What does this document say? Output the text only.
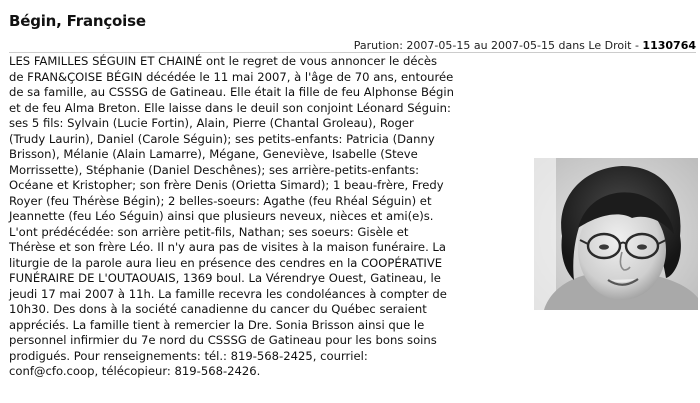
Bégin, Françoise
Parution: 2007-05-15 au 2007-05-15 dans Le Droit - 1130764
LES FAMILLES SÉGUIN ET CHAINÉ ont le regret de vous annoncer le décès
de FRAN&ÇOISE BÉGIN décédée le 11 mai 2007, à l'âge de 70 ans, entourée
de sa famille, au CSSSG de Gatineau. Elle était la fille de feu Alphonse Bégin
et de feu Alma Breton. Elle laisse dans le deuil son conjoint Léonard Séguin:
ses 5 fils: Sylvain (Lucie Fortin), Alain, Pierre (Chantal Groleau), Roger
(Trudy Laurin), Daniel (Carole Séguin); ses petits-enfants: Patricia (Danny
Brisson), Mélanie (Alain Lamarre), Mégane, Geneviève, Isabelle (Steve
Morrissette), Stéphanie (Daniel Deschênes); ses arrière-petits-enfants:
Océane et Kristopher; son frère Denis (Orietta Simard); 1 beau-frère, Fredy
Royer (feu Thérèse Bégin); 2 belles-soeurs: Agathe (feu Rhéal Séguin) et
Jeannette (feu Léo Séguin) ainsi que plusieurs neveux, nièces et ami(e)s.
L'ont prédécédée: son arrière petit-fils, Nathan; ses soeurs: Gisèle et
Thérèse et son frère Léo. Il n'y aura pas de visites à la maison funéraire. La
liturgie de la parole aura lieu en présence des cendres en la COOPÉRATIVE
FUNÉRAIRE DE L'OUTAOUAIS, 1369 boul. La Vérendrye Ouest, Gatineau, le
jeudi 17 mai 2007 à 11h. La famille recevra les condoléances à compter de
10h30. Des dons à la société canadienne du cancer du Québec seraient
appréciés. La famille tient à remercier la Dre. Sonia Brisson ainsi que le
personnel infirmier du 7e nord du CSSSG de Gatineau pour les bons soins
prodigués. Pour renseignements: tél.: 819-568-2425, courriel:
conf@cfo.coop, télécopieur: 819-568-2426.
